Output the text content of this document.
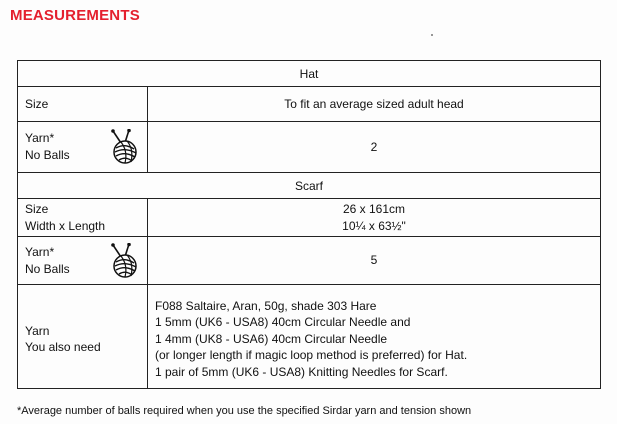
MEASUREMENTS
Hat	
Size	To fit an average sized adult head

Yarn*
No Balls	2
Scarf	

Size
Width x Length	26 x 161cm
10¼ x 63½"

Yarn*
No Balls	5

Yarn
You also need	F088 Saltaire, Aran, 50g, shade 303 Hare
1 5mm (UK6 - USA8) 40cm Circular Needle and
1 4mm (UK8 - USA6) 40cm Circular Needle
(or longer length if magic loop method is preferred) for Hat.
1 pair of 5mm (UK6 - USA8) Knitting Needles for Scarf.
*Average number of balls required when you use the specified Sirdar yarn and tension shown
